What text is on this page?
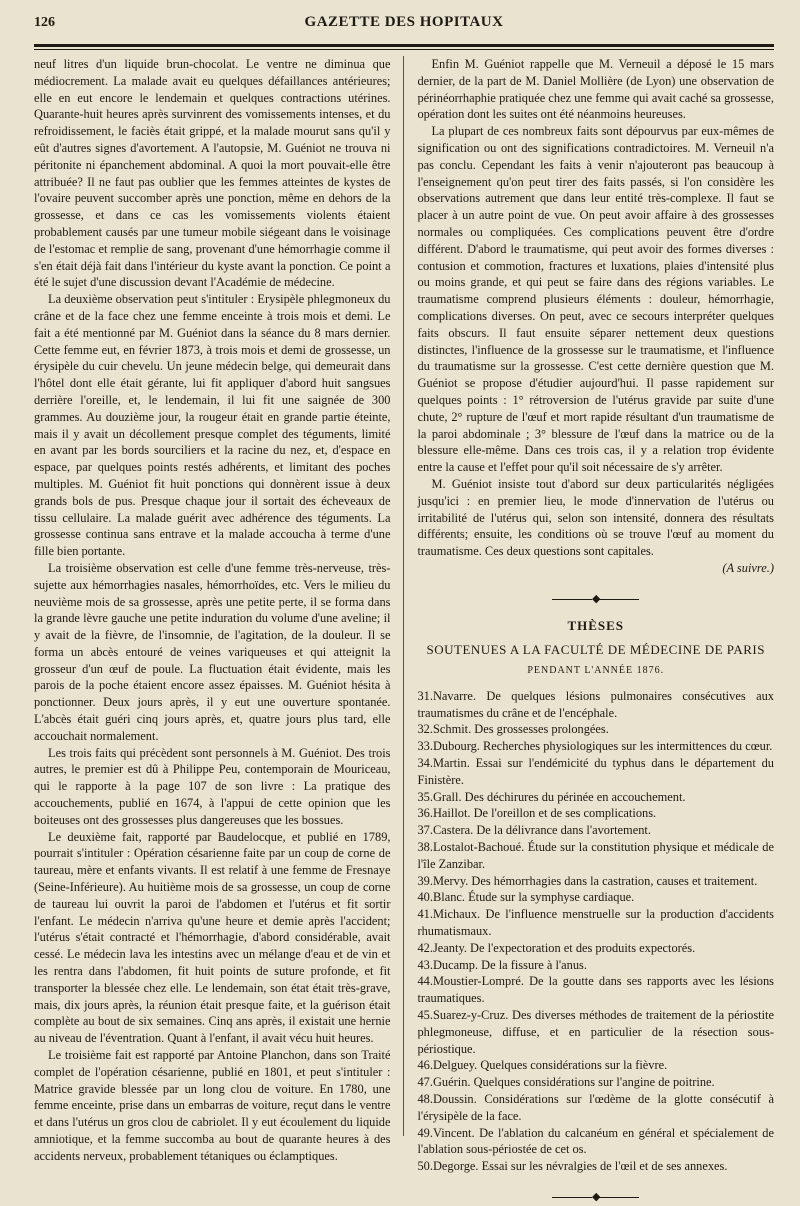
126	GAZETTE DES HOPITAUX

neuf litres d'un liquide brun-chocolat. Le ventre ne diminua que médiocrement. La malade avait eu quelques défaillances antérieures; elle en eut encore le lendemain et quelques contractions utérines. Quarante-huit heures après survinrent des vomissements intenses, et du refroidissement, le faciès était grippé, et la malade mourut sans qu'il y eût d'autres signes d'avortement. A l'autopsie, M. Guéniot ne trouva ni péritonite ni épanchement abdominal. A quoi la mort pouvait-elle être attribuée? Il ne faut pas oublier que les femmes atteintes de kystes de l'ovaire peuvent succomber après une ponction, même en dehors de la grossesse, et dans ce cas les vomissements violents étaient probablement causés par une tumeur mobile siégeant dans le voisinage de l'estomac et remplie de sang, provenant d'une hémorrhagie comme il s'en était déjà fait dans l'intérieur du kyste avant la ponction. Ce point a été le sujet d'une discussion devant l'Académie de médecine.

La deuxième observation peut s'intituler : Erysipèle phlegmoneux du crâne et de la face chez une femme enceinte à trois mois et demi. Le fait a été mentionné par M. Guéniot dans la séance du 8 mars dernier. Cette femme eut, en février 1873, à trois mois et demi de grossesse, un érysipèle du cuir chevelu. Un jeune médecin belge, qui demeurait dans l'hôtel dont elle était gérante, lui fit appliquer d'abord huit sangsues derrière l'oreille, et, le lendemain, il lui fit une saignée de 300 grammes. Au douzième jour, la rougeur était en grande partie éteinte, mais il y avait un décollement presque complet des téguments, limité en avant par les bords sourciliers et la racine du nez, et, d'espace en espace, par quelques points restés adhérents, et limitant des poches multiples. M. Guéniot fit huit ponctions qui donnèrent issue à deux grands bols de pus. Presque chaque jour il sortait des écheveaux de tissu cellulaire. La malade guérit avec adhérence des téguments. La grossesse continua sans entrave et la malade accoucha à terme d'une fille bien portante.

La troisième observation est celle d'une femme très-nerveuse, très-sujette aux hémorrhagies nasales, hémorrhoïdes, etc. Vers le milieu du neuvième mois de sa grossesse, après une petite perte, il se forma dans la grande lèvre gauche une petite induration du volume d'une aveline; il y avait de la fièvre, de l'insomnie, de l'agitation, de la douleur. Il se forma un abcès entouré de veines variqueuses et qui atteignit la grosseur d'un œuf de poule. La fluctuation était évidente, mais les parois de la poche étaient encore assez épaisses. M. Guéniot hésita à ponctionner. Deux jours après, il y eut une ouverture spontanée. L'abcès était guéri cinq jours après, et, quatre jours plus tard, elle accouchait normalement.

Les trois faits qui précèdent sont personnels à M. Guéniot. Des trois autres, le premier est dû à Philippe Peu, contemporain de Mouriceau, qui le rapporte à la page 107 de son livre : La pratique des accouchements, publié en 1674, à l'appui de cette opinion que les boiteuses ont des grossesses plus dangereuses que les bossues.

Le deuxième fait, rapporté par Baudelocque, et publié en 1789, pourrait s'intituler : Opération césarienne faite par un coup de corne de taureau, mère et enfants vivants. Il est relatif à une femme de Fresnaye (Seine-Inférieure). Au huitième mois de sa grossesse, un coup de corne de taureau lui ouvrit la paroi de l'abdomen et l'utérus et fit sortir l'enfant. Le médecin n'arriva qu'une heure et demie après l'accident; l'utérus s'était contracté et l'hémorrhagie, d'abord considérable, avait cessé. Le médecin lava les intestins avec un mélange d'eau et de vin et les rentra dans l'abdomen, fit huit points de suture profonde, et fit transporter la blessée chez elle. Le lendemain, son état était très-grave, mais, dix jours après, la réunion était presque faite, et la guérison était complète au bout de six semaines. Cinq ans après, il existait une hernie au niveau de l'éventration. Quant à l'enfant, il avait vécu huit heures.

Le troisième fait est rapporté par Antoine Planchon, dans son Traité complet de l'opération césarienne, publié en 1801, et peut s'intituler : Matrice gravide blessée par un long clou de voiture. En 1780, une femme enceinte, prise dans un embarras de voiture, reçut dans le ventre et dans l'utérus un gros clou de cabriolet. Il y eut écoulement du liquide amniotique, et la femme succomba au bout de quarante heures à des accidents nerveux, probablement tétaniques ou éclamptiques.

Enfin M. Guéniot rappelle que M. Verneuil a déposé le 15 mars dernier, de la part de M. Daniel Mollière (de Lyon) une observation de périnéorrhaphie pratiquée chez une femme qui avait caché sa grossesse, opération dont les suites ont été néanmoins heureuses.

La plupart de ces nombreux faits sont dépourvus par eux-mêmes de signification ou ont des significations contradictoires. M. Verneuil n'a pas conclu. Cependant les faits à venir n'ajouteront pas beaucoup à l'enseignement qu'on peut tirer des faits passés, si l'on considère les observations autrement que dans leur entité très-complexe. Il faut se placer à un autre point de vue. On peut avoir affaire à des grossesses normales ou compliquées. Ces complications peuvent être d'ordre différent. D'abord le traumatisme, qui peut avoir des formes diverses : contusion et commotion, fractures et luxations, plaies d'intensité plus ou moins grande, et qui peut se faire dans des régions variables. Le traumatisme comprend plusieurs éléments : douleur, hémorrhagie, complications diverses. On peut, avec ce secours interpréter quelques faits obscurs. Il faut ensuite séparer nettement deux questions distinctes, l'influence de la grossesse sur le traumatisme, et l'influence du traumatisme sur la grossesse. C'est cette dernière question que M. Guéniot se propose d'étudier aujourd'hui. Il passe rapidement sur quelques points : 1° rétroversion de l'utérus gravide par suite d'une chute, 2° rupture de l'œuf et mort rapide résultant d'un traumatisme de la paroi abdominale ; 3° blessure de l'œuf dans la matrice ou de la blessure elle-même. Dans ces trois cas, il y a relation trop évidente entre la cause et l'effet pour qu'il soit nécessaire de s'y arrêter.

M. Guéniot insiste tout d'abord sur deux particularités négligées jusqu'ici : en premier lieu, le mode d'innervation de l'utérus ou irritabilité de l'utérus qui, selon son intensité, donnera des résultats différents; ensuite, les conditions où se trouve l'œuf au moment du traumatisme. Ces deux questions sont capitales.

(A suivre.)
◆
THÈSES
SOUTENUES A LA FACULTÉ DE MÉDECINE DE PARIS
PENDANT L'ANNÉE 1876.

31.Navarre. De quelques lésions pulmonaires consécutives aux traumatismes du crâne et de l'encéphale.

32.Schmit. Des grossesses prolongées.

33.Dubourg. Recherches physiologiques sur les intermittences du cœur.

34.Martin. Essai sur l'endémicité du typhus dans le département du Finistère.

35.Grall. Des déchirures du périnée en accouchement.

36.Haillot. De l'oreillon et de ses complications.

37.Castera. De la délivrance dans l'avortement.

38.Lostalot-Bachoué. Étude sur la constitution physique et médicale de l'île Zanzibar.

39.Mervy. Des hémorrhagies dans la castration, causes et traitement.

40.Blanc. Étude sur la symphyse cardiaque.

41.Michaux. De l'influence menstruelle sur la production d'accidents rhumatismaux.

42.Jeanty. De l'expectoration et des produits expectorés.

43.Ducamp. De la fissure à l'anus.

44.Moustier-Lompré. De la goutte dans ses rapports avec les lésions traumatiques.

45.Suarez-y-Cruz. Des diverses méthodes de traitement de la périostite phlegmoneuse, diffuse, et en particulier de la résection sous-périostique.

46.Delguey. Quelques considérations sur la fièvre.

47.Guérin. Quelques considérations sur l'angine de poitrine.

48.Doussin. Considérations sur l'œdème de la glotte consécutif à l'érysipèle de la face.

49.Vincent. De l'ablation du calcanéum en général et spécialement de l'ablation sous-périostée de cet os.

50.Degorge. Essai sur les névralgies de l'œil et de ses annexes.

◆
